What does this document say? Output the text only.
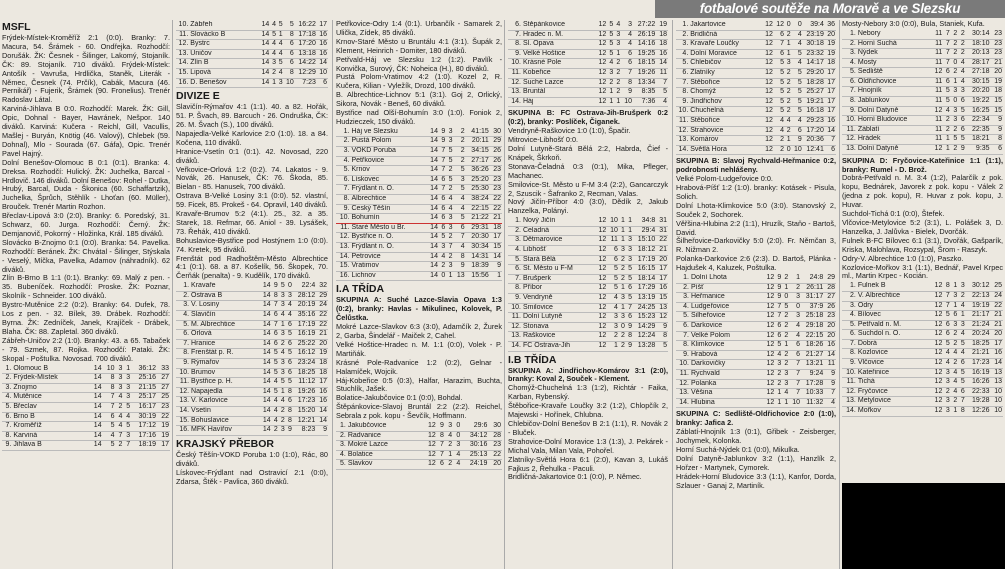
fotbalové soutěže na Moravě a ve Slezsku
MSFL

Frýdek-Místek-Kroměříž 2:1 (0:0). Branky: 7. Macura, 54. Šrámek - 60. Ondřejka. Rozhodčí: Dorušák. ŽK: Česnek - Šilinger, Lakomý, Stojaník. ČK: 89. Stojaník. 710 diváků. Frýdek-Místek: Antošík - Vavruša, Hrdlička, Staněk, Literák - Němec, Česnek (74. Prčík), Cabák, Macura (46. Pernikář) - Fujerik, Šrámek (90. Fronelius). Trenér Radoslav Látal.

Karviná-Jihlava B 0:0. Rozhodčí: Marek. ŽK: Gill, Opic, Dohnal - Bayer, Havránek, Nešpor. 140 diváků. Karviná: Kučera - Reichl, Gill, Vacullis, Mašlej - Buryán, Knötig (46. Valový), Chlebek (59. Dohnal), Mlo - Sourada (67. Gáfa), Opic. Trenér Pavel Hajný.

Dolní Benešov-Olomouc B 0:1 (0:1). Branka: 4. Dreksa. Rozhodčí: Hulický. ŽK: Juchelka, Barcal - Hrdlovič. 146 diváků. Dolní Benešov: Rohel - Dutka, Hrubý, Barcal, Duda - Škonica (60. Schaffartzik), Juchelka, Šprůch, Stěhlík - Lhoťan (60. Müller), Brouček. Trenér Martin Rozhon.

Břeclav-Lipová 3:0 (2:0). Branky: 6. Poredský, 31. Schwarz, 60. Jurga. Rozhodčí: Černý. ŽK: Demjanovič, Pokorný - Hložinka, Král. 185 diváků.

Slovácko B-Znojmo 0:1 (0:0). Branka: 54. Pavelka. Rozhodčí: Beránek. ŽK: Chvátal - Šilinger, Stýskala - Veselý, Míčka, Pavelka, Adamov (náhradník). 62 diváků.

Zlín B-Brno B 1:1 (0:1). Branky: 69. Malý z pen. - 35. Bubeníček. Rozhodčí: Proske. ŽK: Poznar, Skolník - Schneider. 100 diváků.

Bystrc-Mutěnice 2:2 (0:2). Branky: 64. Dufek, 78. Los z pen. - 32. Bílek, 39. Drábek. Rozhodčí: Byrna. ŽK: Zedníček, Janek, Krajíček - Drábek, Blaha. ČK: 88. Zapletal. 360 diváků.

Zábřeh-Uničov 2:2 (1:0). Branky: 43. a 65. Tabaček - 79. Szmek, 87. Rojka. Rozhodčí: Pataki. ŽK: Skopal - Poštulka. Novosad. 700 diváků.

1.	Olomouc B	14	10	3	1	36:12	33
2.	Frýdek-Místek	14	8	3	3	25:16	27
3.	Znojmo	14	8	3	3	21:15	27
4.	Mutěnice	14	7	4	3	25:17	25
5.	Břeclav	14	7	2	5	16:17	23
6.	Brno B	14	6	4	4	30:19	22
7.	Kroměříž	14	5	4	5	17:12	19
8.	Karviná	14	4	7	3	17:16	19
9.	Jihlava B	14	5	2	7	18:19	17
10.	Zábřeh	14	4	5	5	16:22	17
11.	Slovácko B	14	5	1	8	17:18	16
12.	Bystrc	14	4	4	6	17:20	16
13.	Uničov	14	4	4	6	13:18	16
14.	Zlín B	14	3	5	6	14:22	14
15.	Lipová	14	2	4	8	12:29	10
16.	D. Benešov	14	1	3	10	7:23	6
DIVIZE E

Slavičín-Rýmařov 4:1 (1:1). 40. a 82. Hořák, 51. P. Švach, 89. Barcuch - 26. Ondruška, ČK: 26. M. Švach (S.), 100 diváků.

Napajedla-Velké Karlovice 2:0 (1:0). 18. a 84. Kočena, 110 diváků.

Hranice-Vsetín 0:1 (0:1). 42. Novosad, 220 diváků.

Veřkovice-Orlová 1:2 (0:2). 74. Lakatos - 9. Novák, 26. Hanusek, ČK: 76. Škoda, 85. Bielan - 85. Hanusek, 700 diváků.

Ostrava B-Velké Losiny 3:1 (0:0). 52. vlastní, 59. Ficek, 85. Prokeš - 64. Opravil, 140 diváků.

Kravaře-Brumov 5:2 (4:1). 25., 32. a 35. Starek, 18. Refmar, 66. Aniol - 39. Lysášek, 73. Řehák, 410 diváků.

Bohuslavice-Bystřice pod Hostýnem 1:0 (0:0). 74. Kretek, 95 diváků.

Frenštát pod Radhoštěm-Město Albrechtice 4:1 (0:1). 68. a 87. Košelík, 56. Škopek, 70. Čerňák (penalta) - 9. Kudělík, 170 diváků.

1.	Kravaře	14	9	5	0	22:4	32
2.	Ostrava B	14	8	3	3	28:12	29
3.	V. Losiny	14	7	3	4	20:19	24
4.	Slavičín	14	6	4	4	35:16	22
5.	M. Albrechtice	14	7	1	6	17:19	22
6.	Orlová	14	6	3	5	16:19	21
7.	Hranice	14	6	2	6	25:22	20
8.	Frenštát p. R.	14	5	4	5	16:12	19
9.	Rýmařov	14	5	3	6	23:24	18
10.	Brumov	14	5	3	6	18:25	18
11.	Bystřice p. H.	14	4	5	5	11:12	17
12.	Napajedla	14	5	1	8	19:26	16
13.	V. Karlovice	14	4	4	6	17:23	16
14.	Vsetín	14	4	2	8	15:20	14
15.	Bohuslavice	14	4	2	8	12:21	14
16.	MFK Havířov	14	2	3	9	8:23	9
KRAJSKÝ PŘEBOR

Český Těšín-VOKD Poruba 1:0 (1:0), Rác, 80 diváků.

Lískovec-Frýdlant nad Ostravicí 2:1 (0:0), Zdarsa, Štěk - Pavlica, 360 diváků.

Petřkovice-Odry 1:4 (0:1). Urbančík - Samarek 2, Ulička, Zídek, 85 diváků.

Krnov-Staré Město u Bruntálu 4:1 (3:1). Šupák 2, Klement, Heinrich - Domiter, 180 diváků.

Petřvald-Háj ve Slezsku 1:2 (1:2). Pavlík - Konvička, Surový, ČK: Noheica (H.), 80 diváků.

Pustá Polom-Vratimov 4:2 (1:0). Kozel 2, R. Kučera, Kilian - Vyležík, Drozd, 100 diváků.

B. Albrechtice-Lichnov 5:1 (3:1). Goj 2, Orlický, Sikora, Novák - Beneš, 60 diváků.

Bystřice nad Olší-Bohumín 3:0 (1:0). Foniok 2, Hudzieczek, 150 diváků.

1.	Háj ve Slezsku	14	9	3	2	41:15	30
2.	Pustá Polom	14	9	3	2	20:11	29
3.	VOKD Poruba	14	7	5	2	34:15	26
4.	Petřkovice	14	7	5	2	27:17	26
5.	Krnov	14	7	2	5	36:26	23
6.	Lískovec	14	6	5	3	25:20	23
7.	Frýdlant n. O.	14	7	2	5	25:30	23
8.	Albrechtice	14	6	4	4	38:24	22
9.	Český Těšín	14	6	4	4	22:15	22
10.	Bohumín	14	6	3	5	21:22	21
11.	Staré Město u Br.	14	6	3	6	29:31	18
12.	Bystřice n. O.	14	5	2	7	20:30	17
13.	Frýdlant n. O.	14	3	7	4	30:34	15
14.	Petrovice	14	4	2	8	14:31	14
15.	Vratimov	14	2	3	9	18:39	9
16.	Lichnov	14	0	1	13	15:56	1
I.A TŘÍDA

SKUPINA A: Suché Lazce-Slavia Opava 1:3 (0:2), branky: Havlas - Mikulinec, Kolovek, P. Čelůstka.

Mokré Lazce-Slavkov 6:3 (3:0), Adamčík 2, Žurek 2, Garba, Šindelář - Maiček 2, Cahel.

Velké Hoštice-Hradec n. M. 1:1 (0:0), Volek - P. Martiňák.

Krásné Pole-Radvanice 1:2 (0:2), Gelnar - Halamíček, Wojcik.

Háj-Kobeřice 0:5 (0:3), Halfar, Harazim, Buchta, Stuchlík, Jašek.

Bolatice-Jakubčovice 0:1 (0:0), Bohdal.

Štěpánkovice-Slavoj Bruntál 2:2 (2:2). Reichel, Sebrala z pok. kopu - Ševčík, Hoffmann.

1.	Jakubčovice	12	9	3	0	29:6	30
2.	Radvanice	12	8	4	0	34:12	28
3.	Mokré Lazce	12	7	2	3	30:16	23
4.	Bolatice	12	7	1	4	25:13	22
5.	Slavkov	12	6	2	4	24:19	20
6.	Štěpánkovice	12	5	4	3	27:22	19
7.	Hradec n. M.	12	5	3	4	26:19	18
8.	Sl. Opava	12	5	3	4	14:16	18
9.	Velké Hoštice	12	5	1	6	19:25	16
10.	Krásné Pole	12	4	2	6	18:15	14
11.	Kobeřice	12	3	2	7	19:26	11
12.	Suché Lazce	12	2	2	8	13:34	7
13.	Bruntál	12	1	2	9	8:35	5
14.	Háj	12	1	1	10	7:36	4

SKUPINA B: FC Ostrava-Jih-Brušperk 0:2 (0:2), branky: Poslíček, Čiganek.

Vendryně-Raškovice 1:0 (1:0), Špačir.

Mitrovice-Libhošť 0:0.

Dolní Lutyně-Stará Bělá 2:2, Habrda, Čief - Knápek, Škrkoň.

Stonava-Čeladná 0:3 (0:1), Mika, Pfleger, Machanec.

Smilovice-St. Město u F-M 3:4 (2:2), Gancarczyk 2, Szuscik - Šafranko 2, Recman, Valas.

Nový Jičín-Příbor 4:0 (3:0), Dědík 2, Jakub Hanzelka, Polányi.

1.	Nový Jičín	12	10	1	1	34:8	31
2.	Čeladná	12	10	1	1	29:4	31
3.	Dětmarovice	12	11	1	3	15:10	22
4.	Libhošť	12	6	3	3	18:12	21
5.	Stará Bělá	12	6	2	3	17:19	20
6.	St. Město u F-M	12	5	2	5	16:15	17
7.	Brušperk	12	5	2	5	18:14	17
8.	Příbor	12	5	1	6	17:29	16
9.	Vendryně	12	4	3	5	13:19	15
10.	Smilovice	12	4	1	7	24:25	13
11.	Dolní Lutyně	12	3	3	6	15:23	12
12.	Stonava	12	3	0	9	14:29	9
13.	Raškovice	12	2	2	8	12:24	8
14.	FC Ostrava-Jih	12	1	2	9	13:28	5
I.B TŘÍDA

SKUPINA A: Jindřichov-Komárov 3:1 (2:0), branky: Koval 2, Souček - Klement.

Chomýž-Chuchelná 1:3 (1:2), Richtár - Faika, Karban, Rybenský.

Štěbořice-Kravaře Loučky 3:2 (1:2), Chlopčík 2, Majewski - Hořínek, Chlubna.

Chlebičov-Dolní Benešov B 2:1 (1:1), R. Novák 2 - Bluček.

Strahovice-Dolní Moravice 1:3 (1:3), J. Pekárek - Michal Vala, Milan Vala, Pohořel.

Zlatníky-Světlá Hora 6:1 (2:0), Kavan 3, Lukáš Fajkus 2, Řehulka - Paculi.

Bridličná-Jakartovice 0:1 (0:0), P. Němec.

1.	Jakartovice	12	12	0	0	39:4	36
2.	Bridličná	12	6	2	4	23:19	20
3.	Kravaře Loučky	12	7	1	4	30:18	19
4.	Dolní Moravice	12	6	1	5	23:32	19
5.	Chlebičov	12	5	3	4	14:17	18
6.	Zlatníky	12	5	2	5	29:20	17
7.	Štěbořice	12	5	2	5	18:28	17
8.	Chomýž	12	5	2	5	25:27	17
9.	Jindřichov	12	5	2	5	19:21	17
10.	Chuchelná	12	5	2	5	16:18	17
11.	Štěbořice	12	4	4	4	29:23	16
12.	Strahovice	12	4	2	6	17:20	14
13.	Komárov	12	2	1	9	20:36	7
14.	Světlá Hora	12	2	0	10	12:41	6

SKUPINA B: Slavoj Rychvald-Heřmanice 0:2, podrobnosti nehlášeny.

Velké Polom-Ludgeřovice 0:0.

Hrabová-Píšť 1:2 (1:0). branky: Kotásek - Pisula, Solich.

Dolní Lhota-Klimkovice 5:0 (3:0). Stanovský 2, Souček 2, Sochorek.

Věřšina-Hlubina 2:2 (1:1), Hruzík, Staňo - Bartoš, David.

Šilheřovice-Darkovičky 5:0 (2:0). Fr. Němčan 3, R. Nižman 2.

Polanka-Darkovice 2:6 (2:3). D. Bartoš, Plánka - Hajdušek 4, Kaluzek, Poštulka.

1.	Dolní Lhota	12	9	2	1	24:8	29
2.	Píšť	12	9	1	2	26:11	28
3.	Heřmanice	12	9	0	3	31:17	27
4.	Ludgeřovice	12	7	5	0	37:9	26
5.	Šilheřovice	12	7	2	3	25:18	23
6.	Darkovice	12	6	2	4	29:18	20
7.	Velké Polom	12	6	2	4	22:15	20
8.	Klimkovice	12	5	1	6	18:26	16
9.	Hrabová	12	4	2	6	21:27	14
10.	Darkovičky	12	3	2	7	13:21	11
11.	Rychvald	12	2	3	7	9:24	9
12.	Polanka	12	2	3	7	17:28	9
13.	Věšina	12	1	4	7	10:33	7
14.	Hlubina	12	1	1	10	11:32	4

SKUPINA C: Sedliště-Oldřichovice 2:0 (1:0), branky: Jafica 2.

Záblatí-Hnojník 1:3 (0:1), Gřibek - Zeisberger, Jochymek, Kolonka.

Horní Suchá-Nýdek 0:1 (0:0), Mikulka.

Dolní Datyně-Jablunkov 3:2 (1:1), Hanzlík 2, Hořzer - Martynek, Cymorek.

Hrádek-Horní Bludovice 3:3 (1:1), Kanfor, Dorda, Szlauer - Ganaj 2, Martiník.

Mosty-Nebory 3:0 (0:0), Bula, Staniek, Kufa.

1.	Nebory	11	7	2	2	30:14	23
2.	Horní Suchá	11	7	2	2	18:10	23
3.	Nýdek	11	7	2	2	20:13	23
4.	Mosty	11	7	0	4	28:17	21
5.	Sedliště	12	6	2	4	27:18	20
6.	Oldřichovice	11	6	1	4	30:15	19
7.	Hnojník	11	5	3	3	20:20	18
8.	Jablunkov	11	5	0	6	19:22	15
9.	Dolní Datyně	12	4	3	5	16:25	15
10.	Horní Bludovice	11	2	3	6	22:34	9
11.	Záblatí	11	2	2	6	22:35	9
12.	Hrádek	11	1	5	5	18:21	8
13.	Dolní Datyně	12	1	2	9	9:35	6

SKUPINA D: Fryčovice-Kateřinice 1:1 (1:1), branky: Rumel - D. Brož.

Dobrá-Petřvald n. M. 3:4 (1:2), Palarčík z pok. kopu, Bednárek, Javorek z pok. kopu - Válek 2 (jedna z pok. kopu), R. Huvar z pok. kopu, J. Huvar.

Suchdol-Tichá 0:1 (0:0), Štefek.

Vlčovice-Metylovice 5:2 (3:1), L. Polášek 3, D. Hanzelka, J. Jalůvka - Bielek, Dvorčák.

Fulnek B-FC Bílovec 6:1 (3:1), Dvořák, Gašparík, Kriska, Malohlava, Rozsypal, Šrom - Raszyk.

Odry-V. Albrechtice 1:0 (1:0), Paszko.

Kozlovice-Mořkov 3:1 (1:1), Bednář, Pavel Krpec ml., Martin Krpec - Kocián.

1.	Fulnek B	12	8	1	3	30:12	25
2.	V. Albrechtice	12	7	3	2	22:13	24
3.	Odry	12	7	1	4	19:19	22
4.	Bílovec	12	5	6	1	21:17	21
5.	Petřvald n. M.	12	6	3	3	21:24	21
6.	Suchdol n. O.	12	6	2	4	20:24	20
7.	Dobrá	12	5	2	5	18:25	17
8.	Kozlovice	12	4	4	4	21:21	16
9.	Vlčovice	12	4	2	6	17:23	14
10.	Kateřinice	12	3	4	5	16:19	13
11.	Tichá	12	3	4	5	16:26	13
12.	Fryčovice	12	2	4	6	22:33	10
13.	Metylovice	12	3	2	7	19:28	10
14.	Mořkov	12	3	1	8	12:26	10
